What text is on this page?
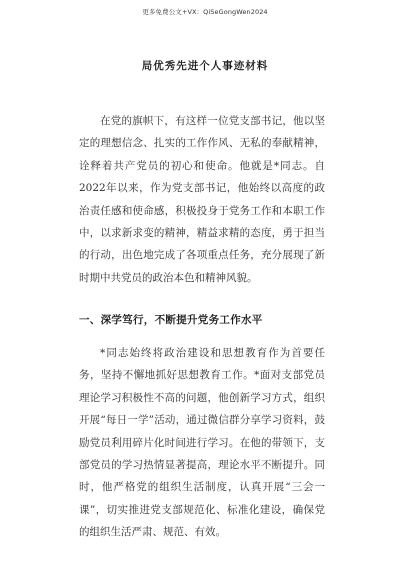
更多免费公文+VX：QiSeGongWen2024
局优秀先进个人事迹材料

在党的旗帜下，有这样一位党支部书记，他以坚定的理想信念、扎实的工作作风、无私的奉献精神，诠释着共产党员的初心和使命。他就是*同志。自2022年以来，作为党支部书记，他始终以高度的政治责任感和使命感，积极投身于党务工作和本职工作中，以求新求变的精神，精益求精的态度，勇于担当的行动，出色地完成了各项重点任务，充分展现了新时期中共党员的政治本色和精神风貌。

一、深学笃行，不断提升党务工作水平

*同志始终将政治建设和思想教育作为首要任务，坚持不懈地抓好思想教育工作。*面对支部党员理论学习积极性不高的问题，他创新学习方式，组织开展“每日一学”活动，通过微信群分享学习资料，鼓励党员利用碎片化时间进行学习。在他的带领下，支部党员的学习热情显著提高，理论水平不断提升。同时，他严格党的组织生活制度，认真开展“三会一课”，切实推进党支部规范化、标准化建设，确保党的组织生活严肃、规范、有效。
